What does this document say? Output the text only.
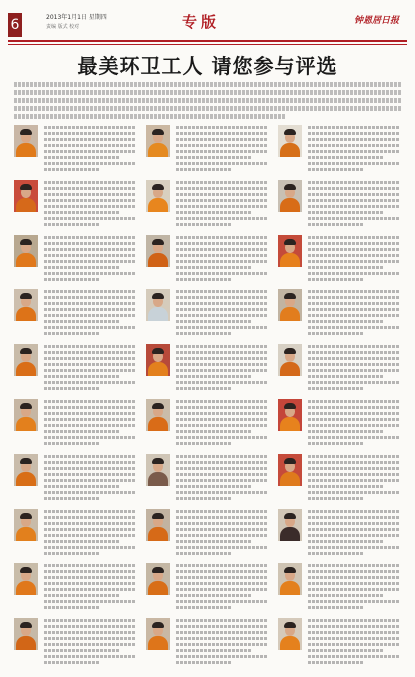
6	2013年1月1日 星期四
责编 版式 校对	专版	钟恩居日报
最美环卫工人 请您参与评选
